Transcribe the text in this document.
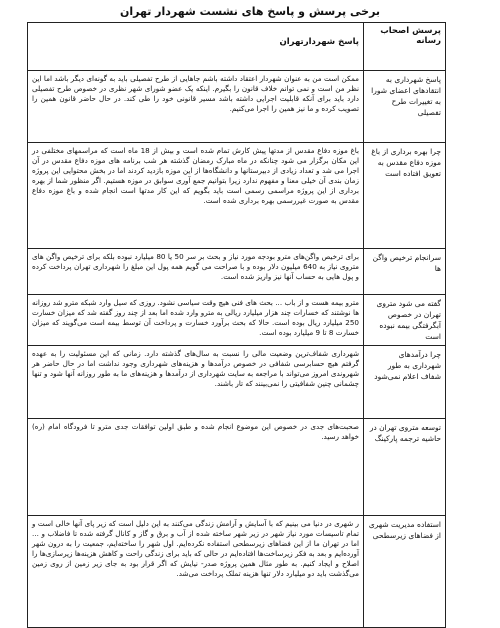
برخی پرسش و پاسخ های نشست شهردار تهران
پرسش اصحاب رسانه	پاسخ شهردارتهران
پاسخ شهرداری به انتقادهای اعضای شورا به تغییرات طرح تفصیلی	ممکن است من به عنوان شهردار اعتقاد داشته باشم جاهایی از طرح تفصیلی باید به گونه‌ای دیگر باشد اما این نظر من است و نمی توانم خلاف قانون را بگیرم. اینکه یک عضو شورای شهر نظری در خصوص طرح تفصیلی دارد باید برای آنکه قابلیت اجرایی داشته باشد مسیر قانونی خود را طی کند. در حال حاضر قانون همین را تصویب کرده و ما نیز همین را اجرا می‌کنیم.
چرا بهره برداری از باغ موزه دفاع مقدس به تعویق افتاده است	باغ موزه دفاع مقدس از مدتها پیش کارش تمام شده است و بیش از 18 ماه است که مراسمهای مختلفی در این مکان برگزار می شود چنانکه در ماه مبارک رمضان گذشته هر شب برنامه های موزه دفاع مقدس در آن اجرا می شد و تعداد زیادی از دبیرستانها و دانشگاه‌ها از این موزه بازدید کردند اما در بخش محتوایی این پروژه زمان بندی آن خیلی معنا و مفهوم ندارد زیرا بتوانیم جمع آوری سوابق در موزه هستیم. اگر منظور شما از بهره برداری از این پروژه مراسمی رسمی است باید بگویم که این کار مدتها است انجام شده و باغ موزه دفاع مقدس به صورت غیررسمی بهره برداری شده است.
سرانجام ترخیص واگن ها	برای ترخیص واگن‌های مترو بودجه مورد نیاز و بحث بر سر 50 یا 80 میلیارد نبوده بلکه برای ترخیص واگن های متروی نیاز به 640 میلیون دلار بوده و با صراحت می گویم همه پول این مبلغ را شهرداری تهران پرداخت کرده و پول هایی به حساب آنها نیز واریز شده است.
گفته می شود متروی تهران در خصوص آبگرفتگی بیمه نبوده است	مترو بیمه هست و از باب ... بحث های فنی هیچ وقت سیاسی نشود. روزی که سیل وارد شبکه مترو شد روزانه ها نوشتند که خسارات چند هزار میلیارد ریالی به مترو وارد شده اما بعد از چند روز گفته شد که میزان خسارت 250 میلیارد ریال بوده است. حالا که بحث برآورد خسارت و پرداخت آن توسط بیمه است می‌گویند که میزان خسارت 8 تا 9 میلیارد بوده است.
چرا درآمدهای شهرداری به طور شفاف اعلام نمی‌شود	شهرداری شفاف‌ترین وضعیت مالی را نسبت به سال‌های گذشته دارد. زمانی که این مسئولیت را به عهده گرفتم هیچ حسابرسی شفافی در خصوص درآمدها و هزینه‌های شهرداری وجود نداشت اما در حال حاضر هر شهروندی امروز می‌تواند با مراجعه به سایت شهرداری از درآمدها و هزینه‌های ما به طور روزانه آنها شود و تنها چشمانی چنین شفافیتی را نمی‌بینند که تار باشند.
توسعه متروی تهران در حاشیه ترجمه پارکینگ	صحبت‌های جدی در خصوص این موضوع انجام شده و طبق اولین توافقات جدی مترو تا فرودگاه امام (ره) خواهد رسید.
استفاده مدیریت شهری از فضاهای زیرسطحی	ر شهری در دنیا می بینیم که با آسایش و آرامش زندگی می‌کنند به این دلیل است که زیر پای آنها خالی است و تمام تاسیسات مورد نیاز شهر در زیر شهر ساخته شده از آب و برق و گاز و کانال گرفته شده تا فاضلاب و ... اما در تهران ما از این فضاهای زیرسطحی استفاده نکرده‌ایم. اول شهر را ساخته‌ایم، جمعیت را به درون شهر آورده‌ایم و بعد به فکر زیرساخت‌ها افتاده‌ایم در حالی که باید برای زندگی راحت و کاهش هزینه‌ها زیرسازی‌ها را اصلاح و ایجاد کنیم. به طور مثال همین پروژه صدر- نیایش که اگر قرار بود به جای زیر زمین از روی زمین می‌گذشت باید دو میلیارد دلار تنها هزینه تملک پرداخت می‌شد.
